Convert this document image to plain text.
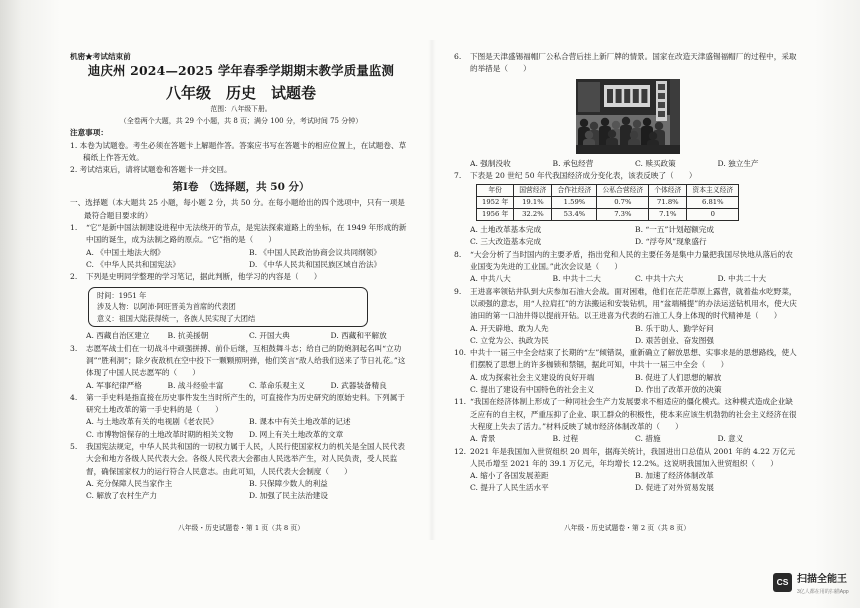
机密★考试结束前
迪庆州 2024—2025 学年春季学期期末教学质量监测
八年级　历史　试题卷
范围：八年级下册。
（全卷两个大题，共 29 个小题，共 8 页；满分 100 分，考试时间 75 分钟）
注意事项：
1. 本卷为试题卷。考生必须在答题卡上解题作答。答案应书写在答题卡的相应位置上，在试题卷、草稿纸上作答无效。
2. 考试结束后，请将试题卷和答题卡一并交回。
第Ⅰ卷　（选择题，共 50 分）
一、选择题（本大题共 25 小题，每小题 2 分，共 50 分。在每小题给出的四个选项中，只有一项是最符合题目要求的）
1. “它”是新中国法制建设进程中无法绕开的节点，是宪法探索道路上的坐标，在 1949 年形成的新中国的诞生，成为法制之路的原点。“它”指的是（　　）
A. 《中国土地法大纲》	B. 《中国人民政治协商会议共同纲领》
C. 《中华人民共和国宪法》	D. 《中华人民共和国民族区域自治法》
2. 下列是史明同学整理的学习笔记，据此判断，他学习的内容是（　　）
时间：1951 年
涉及人物：以阿沛·阿旺晋美为首席的代表团
意义：祖国大陆获得统一，各族人民实现了大团结
A. 西藏自治区建立	B. 抗美援朝	C. 开国大典	D. 西藏和平解放
3. 志愿军战士们在一切战斗中顽强拼搏、前仆后继，互相鼓舞斗志；给自己的防炮洞起名叫“立功洞”“胜利洞”；除夕夜敌机在空中投下一颗颗照明弹，他们笑言“敌人给我们送来了节日礼花。”这体现了中国人民志愿军的（　　）
A. 军事纪律严格	B. 战斗经验丰富	C. 革命乐观主义	D. 武器装备精良
4. 第一手史料是指直接在历史事件发生当时所产生的，可直接作为历史研究的原始史料。下列属于研究土地改革的第一手史料的是（　　）
A. 与土地改革有关的电视剧《老农民》	B. 课本中有关土地改革的记述
C. 市博物馆保存的土地改革时期的相关文物	D. 网上有关土地改革的文章
5. 我国宪法规定，中华人民共和国的一切权力属于人民，人民行使国家权力的机关是全国人民代表大会和地方各级人民代表大会。各级人民代表大会都由人民选举产生，对人民负责，受人民监督，确保国家权力的运行符合人民意志。由此可知，人民代表大会制度（　　）
A. 充分保障人民当家作主	B. 只保障少数人的利益
C. 解放了农村生产力	D. 加强了民主法治建设
6. 下图是天津盛锡福帽厂公私合营后挂上新厂牌的情景。国家在改造天津盛锡福帽厂的过程中，采取的举措是（　　）
A. 强制没收	B. 承包经营	C. 赎买政策	D. 独立生产
7. 下表是 20 世纪 50 年代我国经济成分变化表，该表反映了（　　）
年份	国营经济	合作社经济	公私合营经济	个体经济	资本主义经济
1952 年	19.1%	1.59%	0.7%	71.8%	6.81%
1956 年	32.2%	53.4%	7.3%	7.1%	0
A. 土地改革基本完成	B. “一五”计划超额完成
C. 三大改造基本完成	D. “浮夸风”现象盛行
8. “大会分析了当时国内的主要矛盾，指出党和人民的主要任务是集中力量把我国尽快地从落后的农业国变为先进的工业国。”此次会议是（　　）
A. 中共八大	B. 中共十二大	C. 中共十六大	D. 中共二十大
9. 王进喜率领钻井队到大庆参加石油大会战。面对困难，他们在茫茫草原上露营，就着盐水吃野菜，以顽强的意志，用“人拉肩扛”的方法搬运和安装钻机，用“盆端桶提”的办法运送钻机用水，使大庆油田的第一口油井得以提前开钻。以王进喜为代表的石油工人身上体现的时代精神是（　　）
A. 开天辟地、敢为人先	B. 乐于助人、勤学好问
C. 立党为公、执政为民	D. 艰苦创业、奋发图强
10. 中共十一届三中全会结束了长期的“左”倾错误，重新确立了解放思想、实事求是的思想路线，使人们摆脱了思想上的许多枷锁和禁锢，据此可知，中共十一届三中全会（　　）
A. 成为探索社会主义建设的良好开端	B. 促进了人们思想的解放
C. 提出了建设有中国特色的社会主义	D. 作出了改革开放的决策
11. “我国在经济体制上形成了一种同社会生产力发展要求不相适应的僵化模式。这种模式造成企业缺乏应有的自主权，严重压抑了企业、职工群众的积极性，使本来应该生机勃勃的社会主义经济在很大程度上失去了活力。”材料反映了城市经济体制改革的（　　）
A. 背景	B. 过程	C. 措施	D. 意义
12. 2021 年是我国加入世贸组织 20 周年，据海关统计，我国进出口总值从 2001 年的 4.22 万亿元人民币增至 2021 年的 39.1 万亿元，年均增长 12.2%。这说明我国加入世贸组织（　　）
A. 缩小了各国发展差距	B. 加速了经济体制改革
C. 提升了人民生活水平	D. 促进了对外贸易发展
八年级・历史试题卷・第 1 页（共 8 页）	八年级・历史试题卷・第 2 页（共 8 页）
CS 扫描全能王
3亿人都在用的扫描App
